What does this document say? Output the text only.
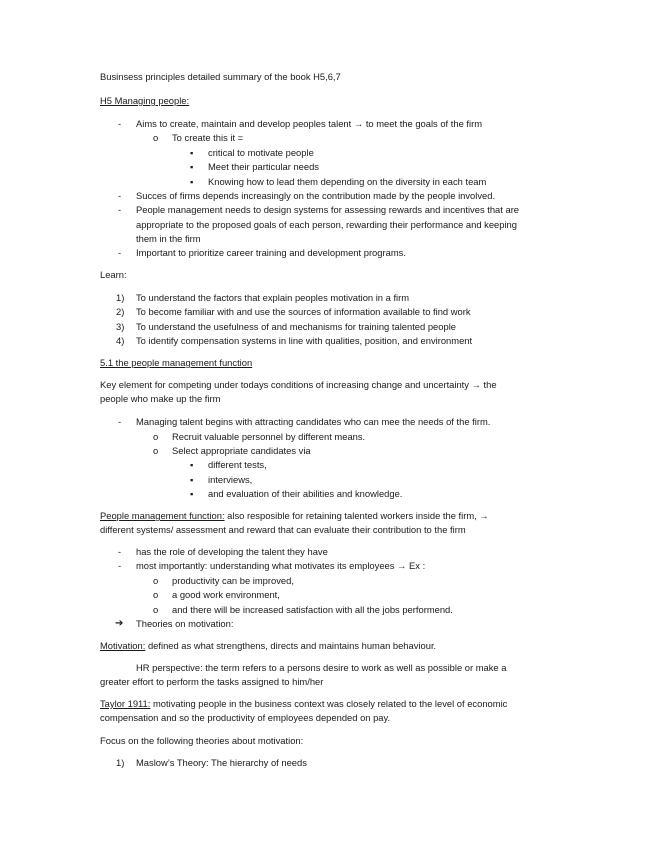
Businsess principles detailed summary of the book H5,6,7
H5 Managing people:
- Aims to create, maintain and develop peoples talent → to meet the goals of the firm
o To create this it =
▪ critical to motivate people
▪ Meet their particular needs
▪ Knowing how to lead them depending on the diversity in each team
- Succes of firms depends increasingly on the contribution made by the people involved.
- People management needs to design systems for assessing rewards and incentives that are
appropriate to the proposed goals of each person, rewarding their performance and keeping
them in the firm
- Important to prioritize career training and development programs.
Learn:
1) To understand the factors that explain peoples motivation in a firm
2) To become familiar with and use the sources of information available to find work
3) To understand the usefulness of and mechanisms for training talented people
4) To identify compensation systems in line with qualities, position, and environment
5.1 the people management function
Key element for competing under todays conditions of increasing change and uncertainty → the
people who make up the firm
- Managing talent begins with attracting candidates who can mee the needs of the firm.
o Recruit valuable personnel by different means.
o Select appropriate candidates via
▪ different tests,
▪ interviews,
▪ and evaluation of their abilities and knowledge.
People management function: also resposible for retaining talented workers inside the firm, →
different systems/ assessment and reward that can evaluate their contribution to the firm
- has the role of developing the talent they have
- most importantly: understanding what motivates its employees → Ex :
o productivity can be improved,
o a good work environment,
o and there will be increased satisfaction with all the jobs performend.
➔ Theories on motivation:
Motivation: defined as what strengthens, directs and maintains human behaviour.
HR perspective: the term refers to a persons desire to work as well as possible or make a
greater effort to perform the tasks assigned to him/her
Taylor 1911: motivating people in the business context was closely related to the level of economic
compensation and so the productivity of employees depended on pay.
Focus on the following theories about motivation:
1) Maslow’s Theory: The hierarchy of needs
